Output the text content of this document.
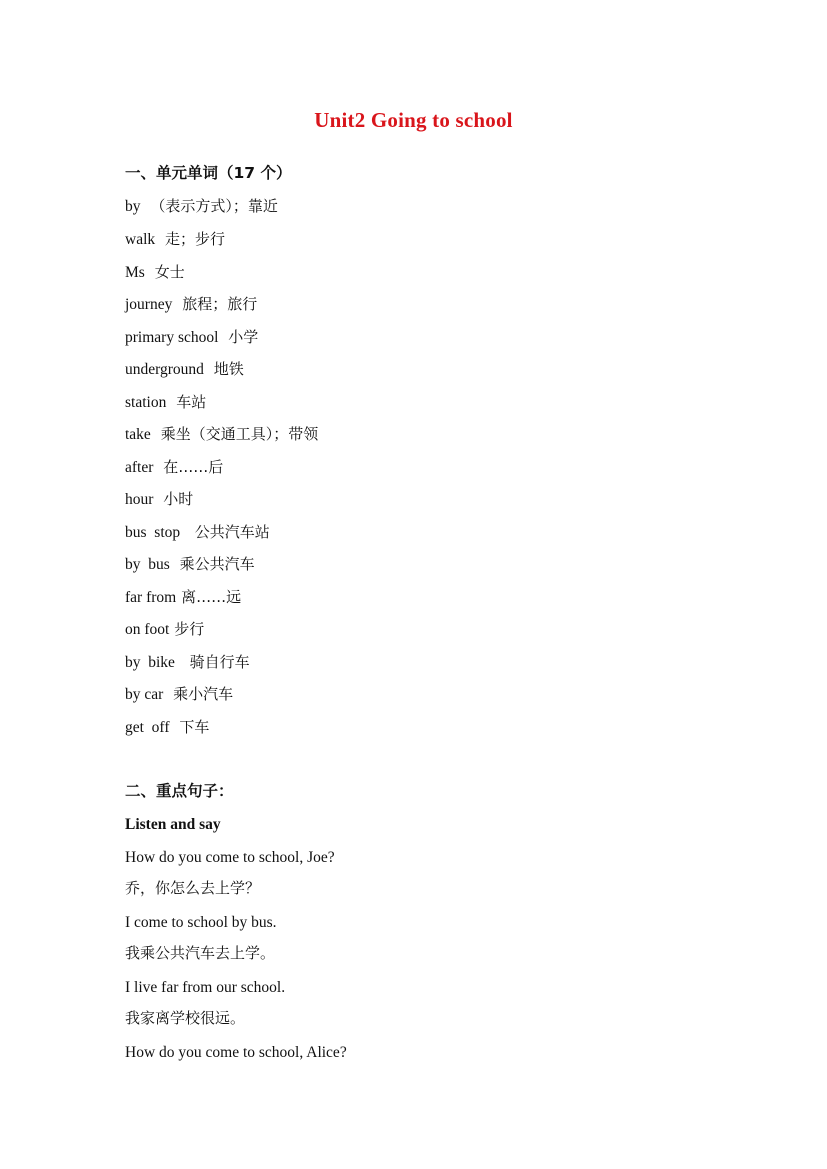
Unit2 Going to school
一、单元单词（17 个）
by （表示方式）；靠近
walk 走；步行
Ms 女士
journey 旅程；旅行
primary school 小学
underground 地铁
station 车站
take 乘坐（交通工具）；带领
after 在……后
hour 小时
bus  stop   公共汽车站
by  bus 乘公共汽车
far from 离……远
on foot 步行
by  bike   骑自行车
by car 乘小汽车
get  off 下车
二、重点句子：
Listen and say
How do you come to school, Joe?
乔，你怎么去上学？
I come to school by bus.
我乘公共汽车去上学。
I live far from our school.
我家离学校很远。
How do you come to school, Alice?
